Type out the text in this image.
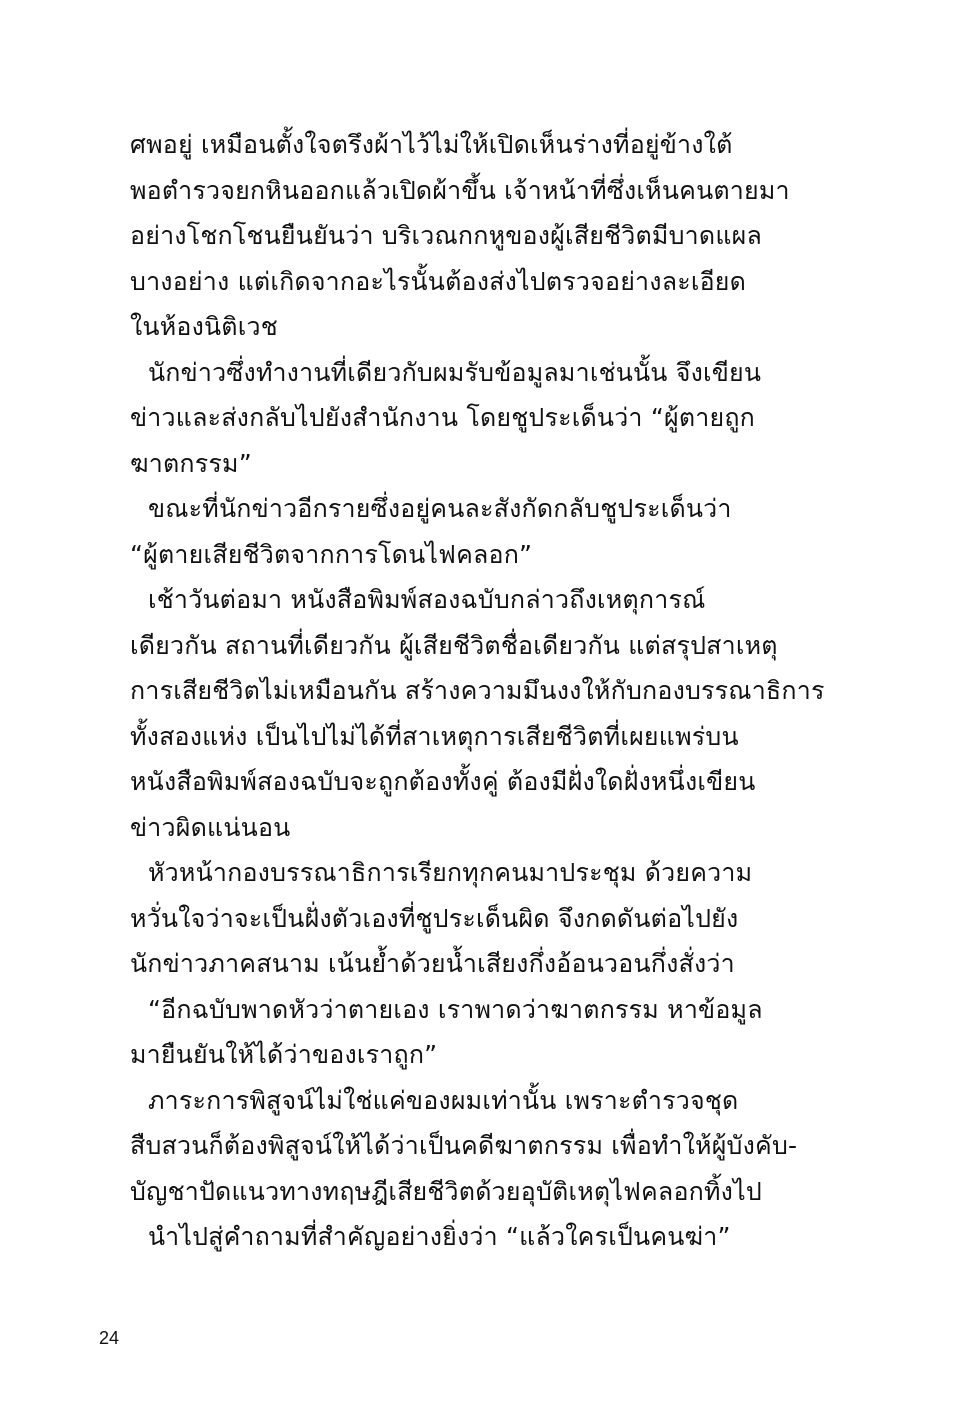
ศพอยู่ เหมือนตั้งใจตรึงผ้าไว้ไม่ให้เปิดเห็นร่างที่อยู่ข้างใต้
พอตำรวจยกหินออกแล้วเปิดผ้าขึ้น เจ้าหน้าที่ซึ่งเห็นคนตายมา
อย่างโชกโชนยืนยันว่า บริเวณกกหูของผู้เสียชีวิตมีบาดแผล
บางอย่าง แต่เกิดจากอะไรนั้นต้องส่งไปตรวจอย่างละเอียด
ในห้องนิติเวช
นักข่าวซึ่งทำงานที่เดียวกับผมรับข้อมูลมาเช่นนั้น จึงเขียน
ข่าวและส่งกลับไปยังสำนักงาน โดยชูประเด็นว่า “ผู้ตายถูก
ฆาตกรรม”
ขณะที่นักข่าวอีกรายซึ่งอยู่คนละสังกัดกลับชูประเด็นว่า
“ผู้ตายเสียชีวิตจากการโดนไฟคลอก”
เช้าวันต่อมา หนังสือพิมพ์สองฉบับกล่าวถึงเหตุการณ์
เดียวกัน สถานที่เดียวกัน ผู้เสียชีวิตชื่อเดียวกัน แต่สรุปสาเหตุ
การเสียชีวิตไม่เหมือนกัน สร้างความมึนงงให้กับกองบรรณาธิการ
ทั้งสองแห่ง เป็นไปไม่ได้ที่สาเหตุการเสียชีวิตที่เผยแพร่บน
หนังสือพิมพ์สองฉบับจะถูกต้องทั้งคู่ ต้องมีฝั่งใดฝั่งหนึ่งเขียน
ข่าวผิดแน่นอน
หัวหน้ากองบรรณาธิการเรียกทุกคนมาประชุม ด้วยความ
หวั่นใจว่าจะเป็นฝั่งตัวเองที่ชูประเด็นผิด จึงกดดันต่อไปยัง
นักข่าวภาคสนาม เน้นย้ำด้วยน้ำเสียงกึ่งอ้อนวอนกึ่งสั่งว่า
“อีกฉบับพาดหัวว่าตายเอง เราพาดว่าฆาตกรรม หาข้อมูล
มายืนยันให้ได้ว่าของเราถูก”
ภาระการพิสูจน์ไม่ใช่แค่ของผมเท่านั้น เพราะตำรวจชุด
สืบสวนก็ต้องพิสูจน์ให้ได้ว่าเป็นคดีฆาตกรรม เพื่อทำให้ผู้บังคับ-
บัญชาปัดแนวทางทฤษฎีเสียชีวิตด้วยอุบัติเหตุไฟคลอกทิ้งไป
นำไปสู่คำถามที่สำคัญอย่างยิ่งว่า “แล้วใครเป็นคนฆ่า”
24
